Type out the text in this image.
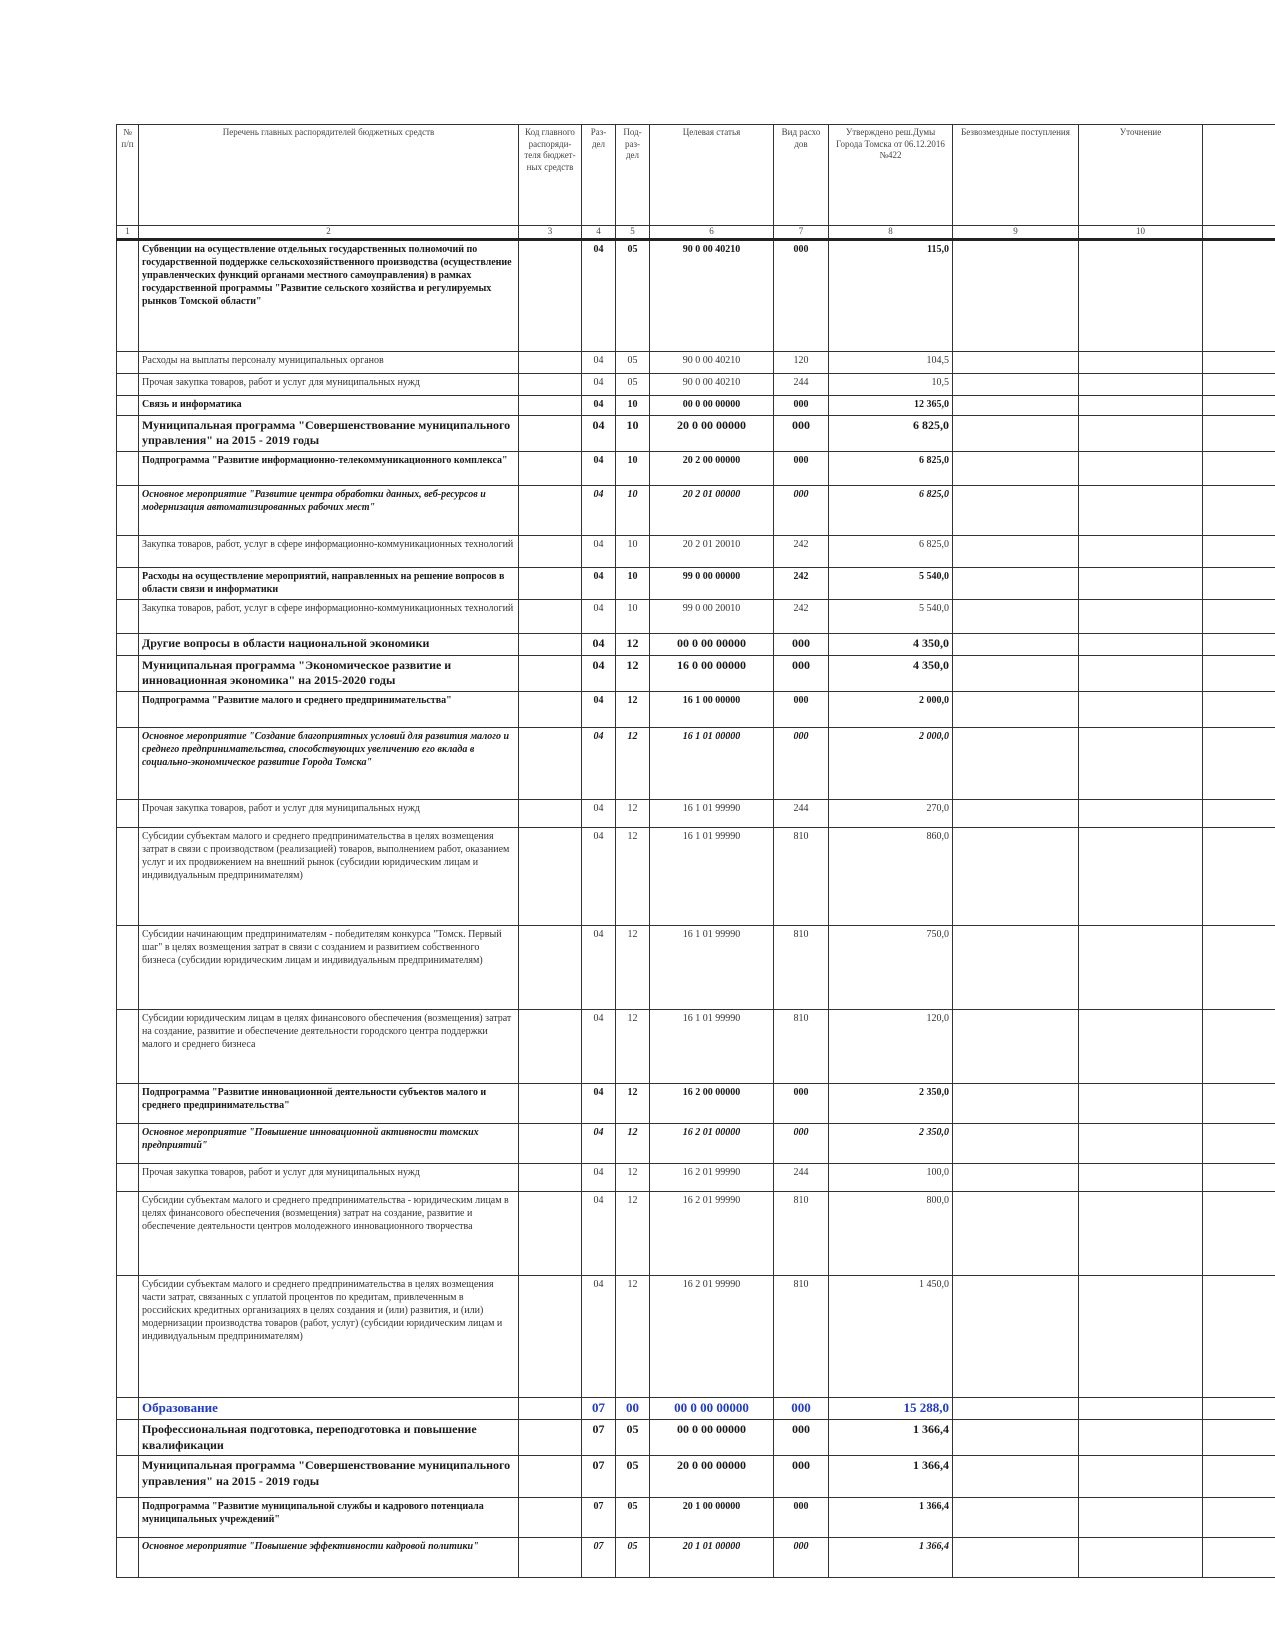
№ п/п	Перечень главных распорядителей бюджетных средств	Код главного распоряди-теля бюджет-ных средств	Раз-дел	Под-раз-дел	Целевая статья	Вид расхо дов	Утверждено реш.Думы Города Томска от 06.12.2016 №422	Безвозмездные поступления	Уточнение	
1	2	3	4	5	6	7	8	9	10	
	Субвенции на осуществление отдельных государственных полномочий по государственной поддержке сельскохозяйственного производства (осуществление управленческих функций органами местного самоуправления) в рамках государственной программы "Развитие сельского хозяйства и регулируемых рынков Томской области"		04	05	90 0 00 40210	000	115,0			
	Расходы на выплаты персоналу муниципальных органов		04	05	90 0 00 40210	120	104,5			
	Прочая закупка товаров, работ и услуг для муниципальных нужд		04	05	90 0 00 40210	244	10,5			
	Связь и информатика		04	10	00 0 00 00000	000	12 365,0			
	Муниципальная программа "Совершенствование муниципального управления" на 2015 - 2019 годы		04	10	20 0 00 00000	000	6 825,0			
	Подпрограмма "Развитие информационно-телекоммуникационного комплекса"		04	10	20 2 00 00000	000	6 825,0			
	Основное мероприятие "Развитие центра обработки данных, веб-ресурсов и модернизация автоматизированных рабочих мест"		04	10	20 2 01 00000	000	6 825,0			
	Закупка товаров, работ, услуг в сфере информационно-коммуникационных технологий		04	10	20 2 01 20010	242	6 825,0			
	Расходы на осуществление мероприятий, направленных на решение вопросов в области связи и информатики		04	10	99 0 00 00000	242	5 540,0			
	Закупка товаров, работ, услуг в сфере информационно-коммуникационных технологий		04	10	99 0 00 20010	242	5 540,0			
	Другие вопросы в области национальной экономики		04	12	00 0 00 00000	000	4 350,0			
	Муниципальная программа "Экономическое развитие и инновационная экономика" на 2015-2020 годы		04	12	16 0 00 00000	000	4 350,0			
	Подпрограмма "Развитие малого и среднего предпринимательства"		04	12	16 1 00 00000	000	2 000,0			
	Основное мероприятие "Создание благоприятных условий для развития малого и среднего предпринимательства, способствующих увеличению его вклада в социально-экономическое развитие Города Томска"		04	12	16 1 01 00000	000	2 000,0			
	Прочая закупка товаров, работ и услуг для муниципальных нужд		04	12	16 1 01 99990	244	270,0			
	Субсидии субъектам малого и среднего предпринимательства в целях возмещения затрат в связи с производством (реализацией) товаров, выполнением работ, оказанием услуг и их продвижением на внешний рынок (субсидии юридическим лицам и индивидуальным предпринимателям)		04	12	16 1 01 99990	810	860,0			
	Субсидии начинающим предпринимателям - победителям конкурса "Томск. Первый шаг" в целях возмещения затрат в связи с созданием и развитием собственного бизнеса (субсидии юридическим лицам и индивидуальным предпринимателям)		04	12	16 1 01 99990	810	750,0			
	Субсидии юридическим лицам в целях финансового обеспечения (возмещения) затрат на создание, развитие и обеспечение деятельности городского центра поддержки малого и среднего бизнеса		04	12	16 1 01 99990	810	120,0			
	Подпрограмма "Развитие инновационной деятельности субъектов малого и среднего предпринимательства"		04	12	16 2 00 00000	000	2 350,0			
	Основное мероприятие "Повышение инновационной активности томских предприятий"		04	12	16 2 01 00000	000	2 350,0			
	Прочая закупка товаров, работ и услуг для муниципальных нужд		04	12	16 2 01 99990	244	100,0			
	Субсидии субъектам малого и среднего предпринимательства - юридическим лицам в целях финансового обеспечения (возмещения) затрат на создание, развитие и обеспечение деятельности центров молодежного инновационного творчества		04	12	16 2 01 99990	810	800,0			
	Субсидии субъектам малого и среднего предпринимательства в целях возмещения части затрат, связанных с уплатой процентов по кредитам, привлеченным в российских кредитных организациях в целях создания и (или) развития, и (или) модернизации производства товаров (работ, услуг) (субсидии юридическим лицам и индивидуальным предпринимателям)		04	12	16 2 01 99990	810	1 450,0			
	Образование		07	00	00 0 00 00000	000	15 288,0			
	Профессиональная подготовка, переподготовка и повышение квалификации		07	05	00 0 00 00000	000	1 366,4			
	Муниципальная программа "Совершенствование муниципального управления" на 2015 - 2019 годы		07	05	20 0 00 00000	000	1 366,4			
	Подпрограмма "Развитие муниципальной службы и кадрового потенциала муниципальных учреждений"		07	05	20 1 00 00000	000	1 366,4			
	Основное мероприятие "Повышение эффективности кадровой политики"		07	05	20 1 01 00000	000	1 366,4			
